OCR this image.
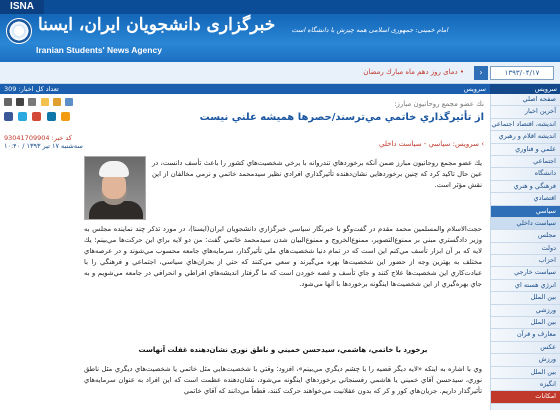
ISNA
خبرگزاری دانشجویان ایران، ایسنا
Iranian Students' News Agency
امام خمینی: جمهوری اسلامی همه چیزش با دانشگاه است
• دماى روز دهم ماه مبارك رمضان	›	۱۳۹۳/۰۴/۱۷
تعداد كل اخبار: 309	سرويس	سرويس
صفحه اصلي
آخرين اخبار
انديشه، اقتصاد اجتماعي
انديشه اقلام و رهبري
علمي و فناوري
اجتماعي
دانشگاه
فرهنگي و هنري
اقتصادي
سياسي
سياست داخلي
مجلس
دولت
احزاب
سياست خارجي
انرژي هسته اي
بين الملل
ورزشي
بين الملل
معارف و قرآن
عكس
ورزش
بين الملل
انگيزه
امكانات

كد خبر: 93041709904
سه‌شنبه ۱۷ تير ۱۳۹۳ / ۱۰:۴۰
نك عضو مجمع روحانيون مبارز:
از تأثيرگذاري خاتمي مي‌ترسند/حصرها هميشه علني نيست
› سرويس: سياسي - سياست داخلي
يك عضو مجمع روحانيون مبارز ضمن آنكه برخوردهاي تندروانه با برخي شخصيت‌هاي كشور را باعث تأسف دانست، در عين حال تاكيد كرد كه چنين برخوردهايي نشان‌دهنده تأثيرگذاري افرادي نظير سيدمحمد خاتمي و نرمي مخالفان از اين نقش مؤثر است.
حجت‌الاسلام والمسلمين محمد مقدم در گفت‌وگو با خبرنگار سياسي خبرگزاري دانشجويان ايران(ايسنا)، در مورد تذكر چند نماينده مجلس به وزير دادگستري مبني بر ممنوع‌التصوير، ممنوع‌الخروج و ممنوع‌البيان شدن سيدمحمد خاتمي گفت: من دو لايه براي اين حركت‌ها مي‌بينم؛ يك لايه كه بر آن ابزار تأسف مي‌كنم اين است كه در تمام دنيا شخصيت‌هاي ملي تأثيرگذار، سرمايه‌هاي جامعه محسوب مي‌شوند و در عرصه‌هاي مختلف به بهترين وجه از حضور اين شخصيت‌ها بهره مي‌گيرند و سعي مي‌كنند كه حتي از بحران‌هاي سياسي، اجتماعي و فرهنگي را با عبادت‌كاري اين شخصيت‌ها علاج كنند و جاي تأسف و غصه خوردن است كه ما گرفتار انديشه‌هاي افراطي و انحرافي در جامعه مي‌شويم و به جاي بهره‌گيري از اين شخصيت‌ها اينگونه برخوردها با آنها مي‌شود.
برخورد با خاتمي، هاشمي، سيدحسن خميني و ناطق نوري نشان‌دهنده غفلت آنهاست
وي با اشاره به اينكه «لايه ديگر قضيه را با چشم ديگري مي‌بينم»، افزود: وقتي با شخصيت‌هايي مثل خاتمي يا شخصيت‌هاي ديگري مثل ناطق نوري، سيدحسن آقاي خميني يا هاشمي رفسنجاني برخوردهاي اينگونه مي‌شود، نشان‌دهنده عظمت است كه اين افراد به عنوان سرمايه‌هاي تأثيرگذار داريم. جريان‌هاي كور و كر كه بدون عقلانيت مي‌خواهند حركت كنند، قطعاً مي‌دانند كه آقاي خاتمي
